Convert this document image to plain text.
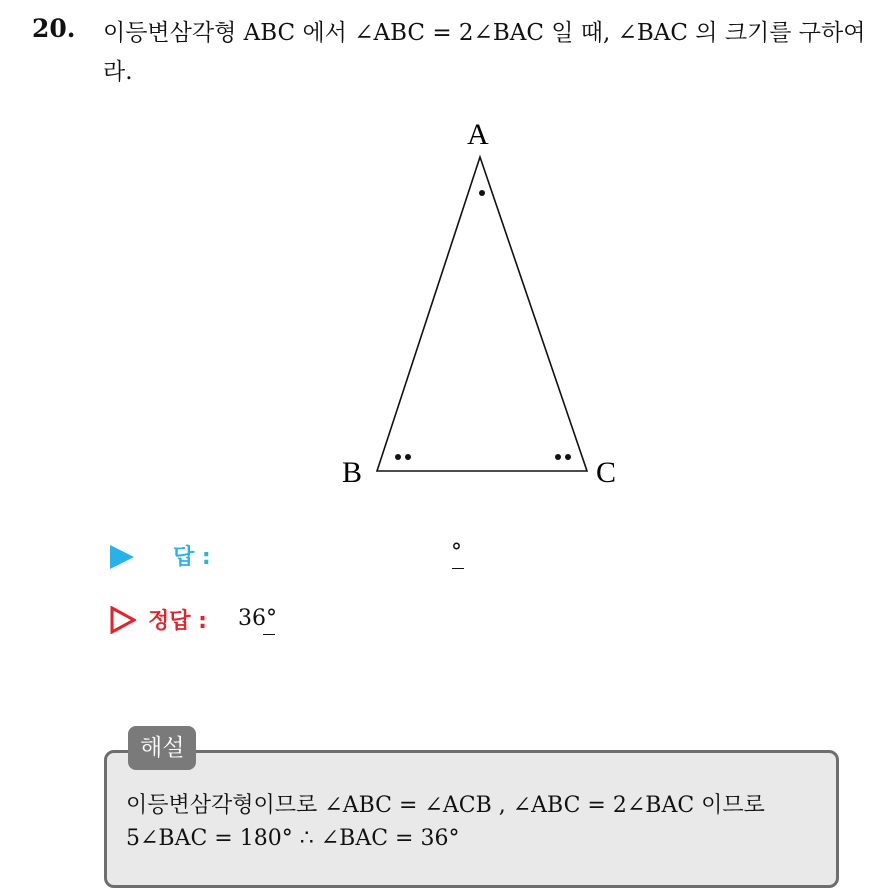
20. 이등변삼각형 ABC 에서 ∠ABC = 2∠BAC 일 때, ∠BAC 의 크기를 구하여라.
A
B	C
답 :	°
정답 : 36°
해설
이등변삼각형이므로 ∠ABC = ∠ACB , ∠ABC = 2∠BAC 이므로
5∠BAC = 180° ∴ ∠BAC = 36°
